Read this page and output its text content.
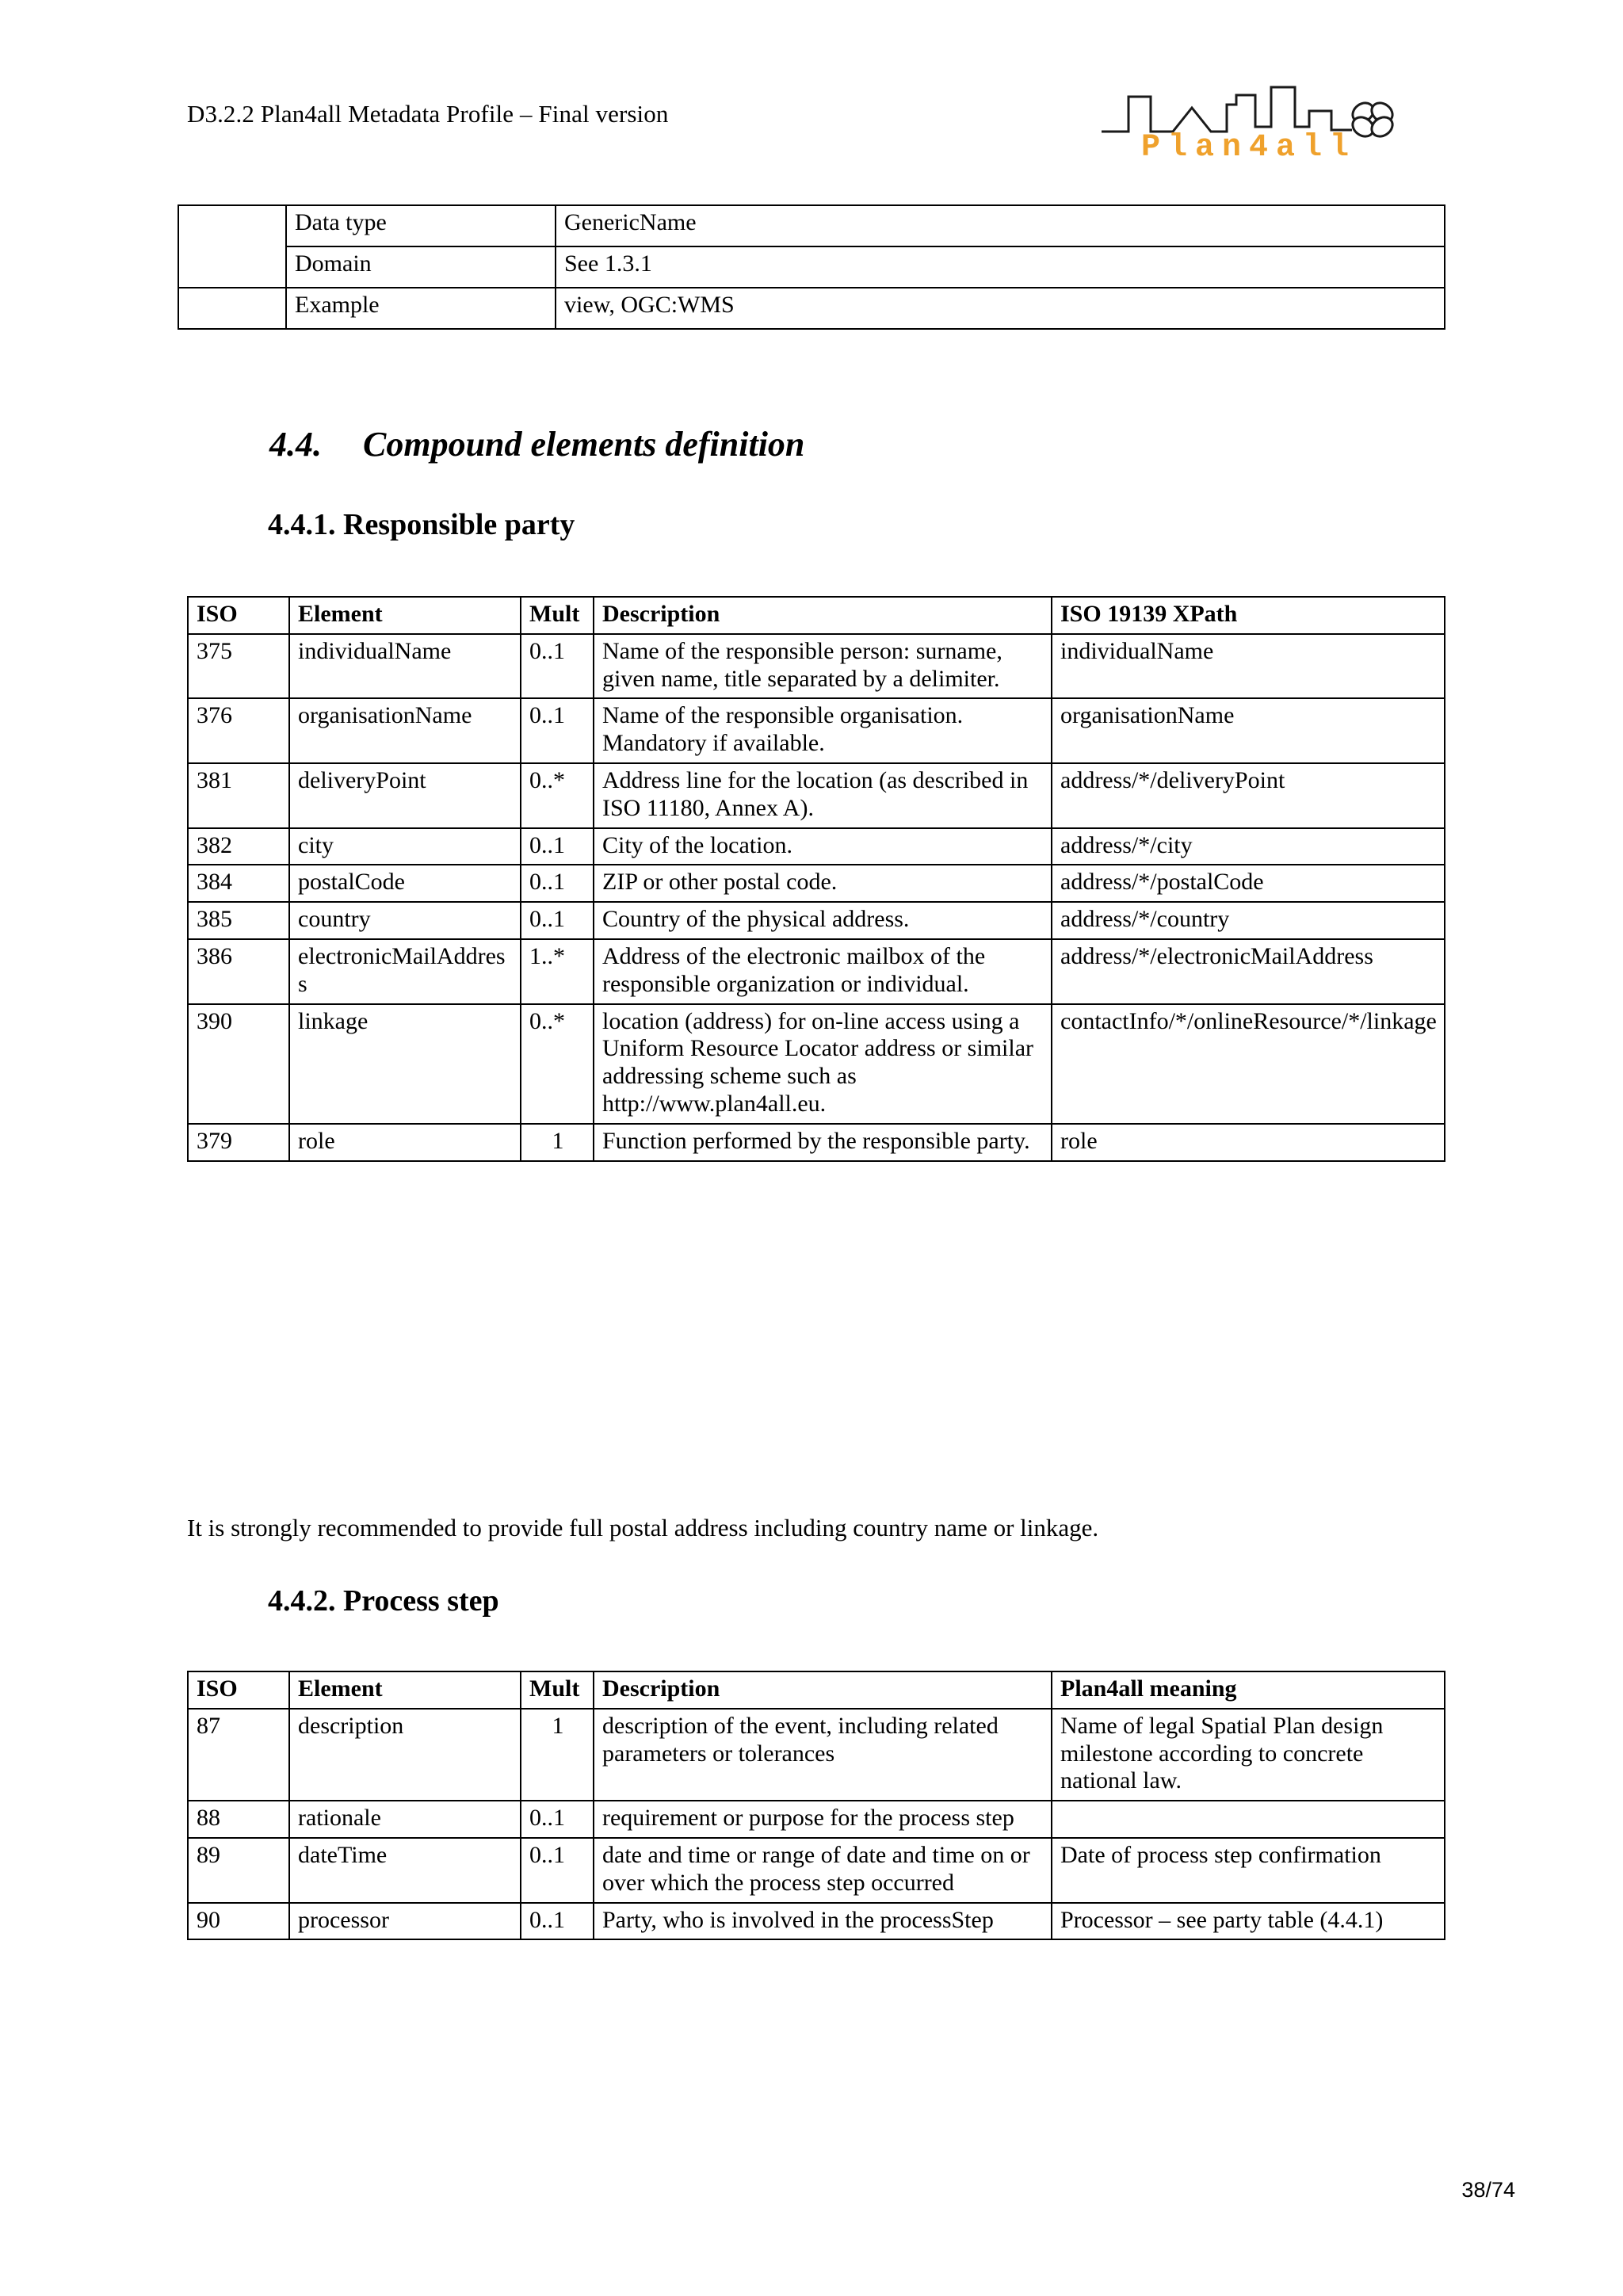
D3.2.2 Plan4all Metadata Profile – Final version
Plan4all
	Data type	GenericName
	Domain	See 1.3.1
	Example	view, OGC:WMS
4.4. Compound elements definition
4.4.1. Responsible party
ISO	Element	Mult	Description	ISO 19139 XPath
375	individualName	0..1	Name of the responsible person: surname, given name, title separated by a delimiter.	individualName
376	organisationName	0..1	Name of the responsible organisation. Mandatory if available.	organisationName
381	deliveryPoint	0..*	Address line for the location (as described in ISO 11180, Annex A).	address/*/deliveryPoint
382	city	0..1	City of the location.	address/*/city
384	postalCode	0..1	ZIP or other postal code.	address/*/postalCode
385	country	0..1	Country of the physical address.	address/*/country
386	electronicMailAddress	1..*	Address of the electronic mailbox of the responsible organization or individual.	address/*/electronicMailAddress
390	linkage	0..*	location (address) for on-line access using a Uniform Resource Locator address or similar addressing scheme such as http://www.plan4all.eu.	contactInfo/*/onlineResource/*/linkage
379	role	1	Function performed by the responsible party.	role
It is strongly recommended to provide full postal address including country name or linkage.
4.4.2. Process step
ISO	Element	Mult	Description	Plan4all meaning
87	description	1	description of the event, including related parameters or tolerances	Name of legal Spatial Plan design milestone according to concrete national law.
88	rationale	0..1	requirement or purpose for the process step	
89	dateTime	0..1	date and time or range of date and time on or over which the process step occurred	Date of process step confirmation
90	processor	0..1	Party, who is involved in the processStep	Processor – see party table (4.4.1)
38/74
